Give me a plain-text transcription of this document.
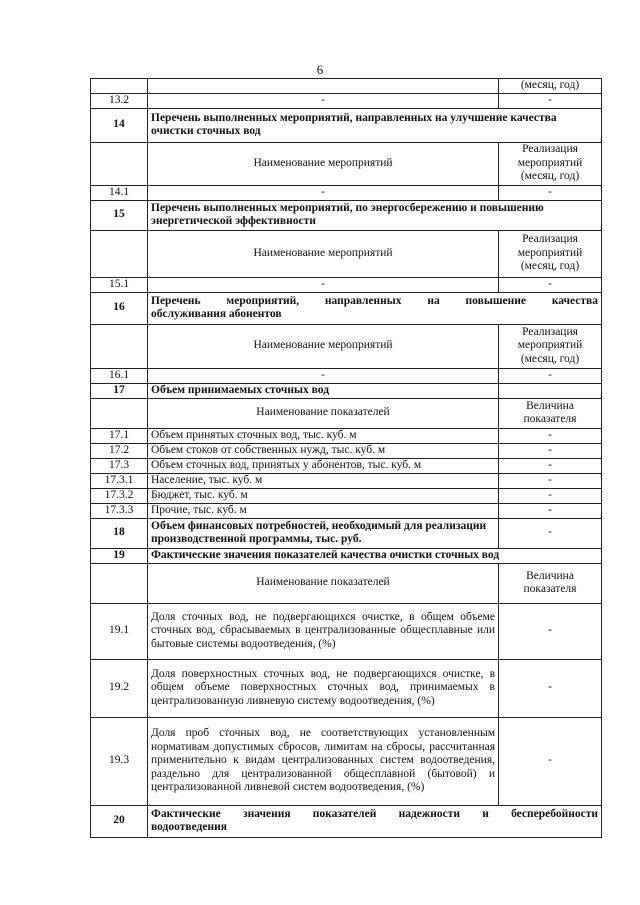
6
		(месяц, год)
13.2	-	-
14	Перечень выполненных мероприятий, направленных на улучшение качества очистки сточных вод	
	Наименование мероприятий	Реализация мероприятий (месяц, год)
14.1	-	-
15	Перечень выполненных мероприятий, по энергосбережению и повышению энергетической эффективности	
	Наименование мероприятий	Реализация мероприятий (месяц, год)
15.1	-	-
16	Перечень мероприятий, направленных на повышение качества
обслуживания абонентов	

	Наименование мероприятий	Реализация мероприятий (месяц, год)
16.1	-	-
17	Объем принимаемых сточных вод	
	Наименование показателей	Величина показателя
17.1	Объем принятых сточных вод, тыс. куб. м	-
17.2	Объем стоков от собственных нужд, тыс. куб. м	-
17.3	Объем сточных вод, принятых у абонентов, тыс. куб. м	-
17.3.1	Население, тыс. куб. м	-
17.3.2	Бюджет, тыс. куб. м	-
17.3.3	Прочие, тыс. куб. м	-
18	Объем финансовых потребностей, необходимый для реализации производственной программы, тыс. руб.	-
19	Фактические значения показателей качества очистки сточных вод	
	Наименование показателей	Величина показателя
19.1	Доля сточных вод, не подвергающихся очистке, в общем объеме сточных вод, сбрасываемых в централизованные общесплавные или бытовые системы водоотведения, (%)	-
19.2	Доля поверхностных сточных вод, не подвергающихся очистке, в общем объеме поверхностных сточных вод, принимаемых в централизованную ливневую систему водоотведения, (%)	-
19.3	Доля проб сточных вод, не соответствующих установленным нормативам допустимых сбросов, лимитам на сбросы, рассчитанная применительно к видам централизованных систем водоотведения, раздельно для централизованной общесплавной (бытовой) и централизованной ливневой систем водоотведения, (%)	-
20	Фактические значения показателей надежности и бесперебойности
водоотведения	
